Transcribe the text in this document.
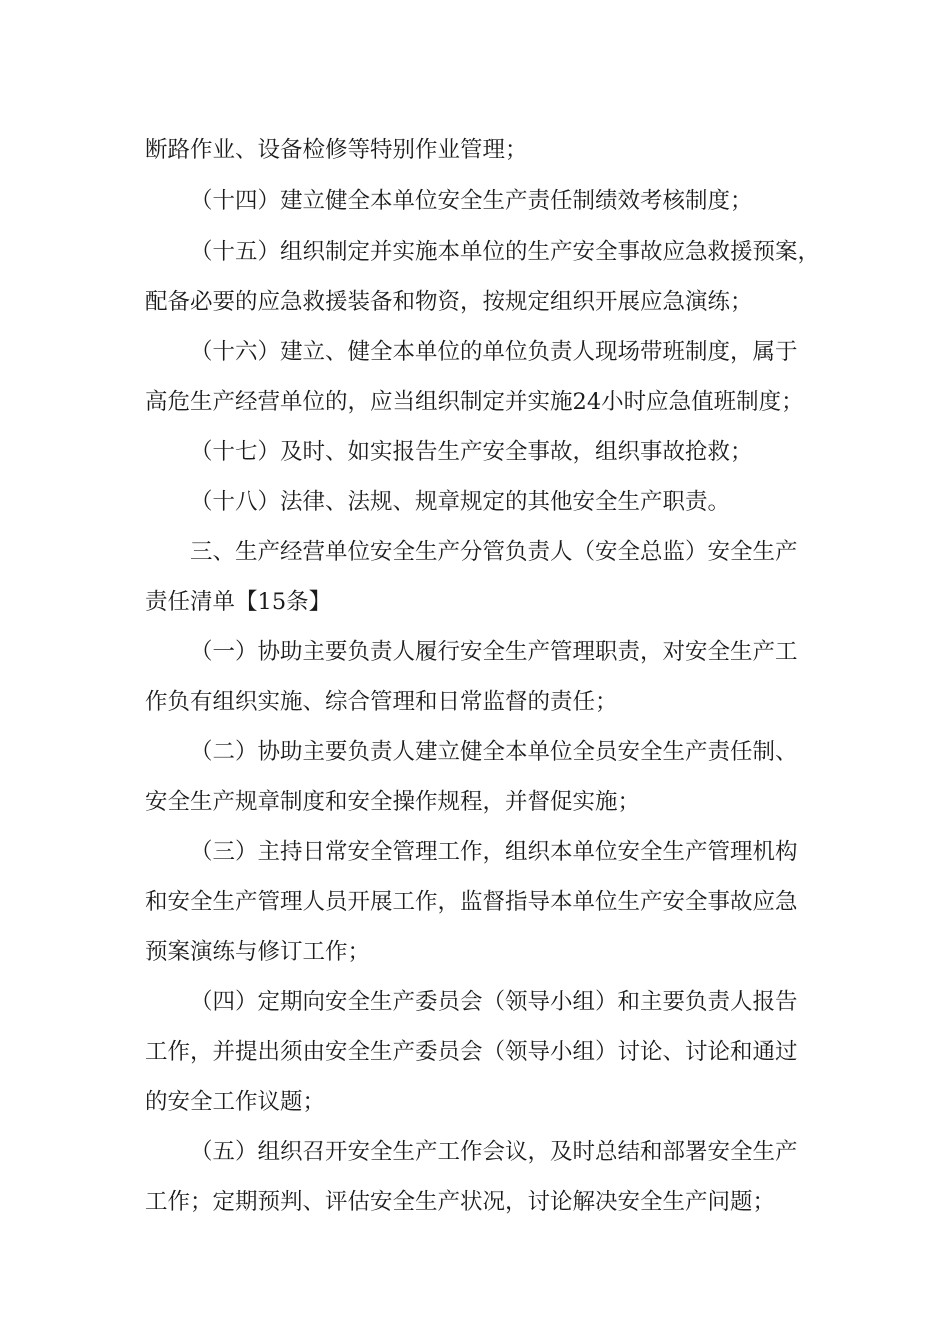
断路作业、设备检修等特别作业管理；
（十四）建立健全本单位安全生产责任制绩效考核制度；
（十五）组织制定并实施本单位的生产安全事故应急救援预案，
配备必要的应急救援装备和物资，按规定组织开展应急演练；
（十六）建立、健全本单位的单位负责人现场带班制度，属于
高危生产经营单位的，应当组织制定并实施24小时应急值班制度；
（十七）及时、如实报告生产安全事故，组织事故抢救；
（十八）法律、法规、规章规定的其他安全生产职责。
三、生产经营单位安全生产分管负责人（安全总监）安全生产
责任清单【15条】
（一）协助主要负责人履行安全生产管理职责，对安全生产工
作负有组织实施、综合管理和日常监督的责任；
（二）协助主要负责人建立健全本单位全员安全生产责任制、
安全生产规章制度和安全操作规程，并督促实施；
（三）主持日常安全管理工作，组织本单位安全生产管理机构
和安全生产管理人员开展工作，监督指导本单位生产安全事故应急
预案演练与修订工作；
（四）定期向安全生产委员会（领导小组）和主要负责人报告
工作，并提出须由安全生产委员会（领导小组）讨论、讨论和通过
的安全工作议题；
（五）组织召开安全生产工作会议，及时总结和部署安全生产
工作；定期预判、评估安全生产状况，讨论解决安全生产问题；
